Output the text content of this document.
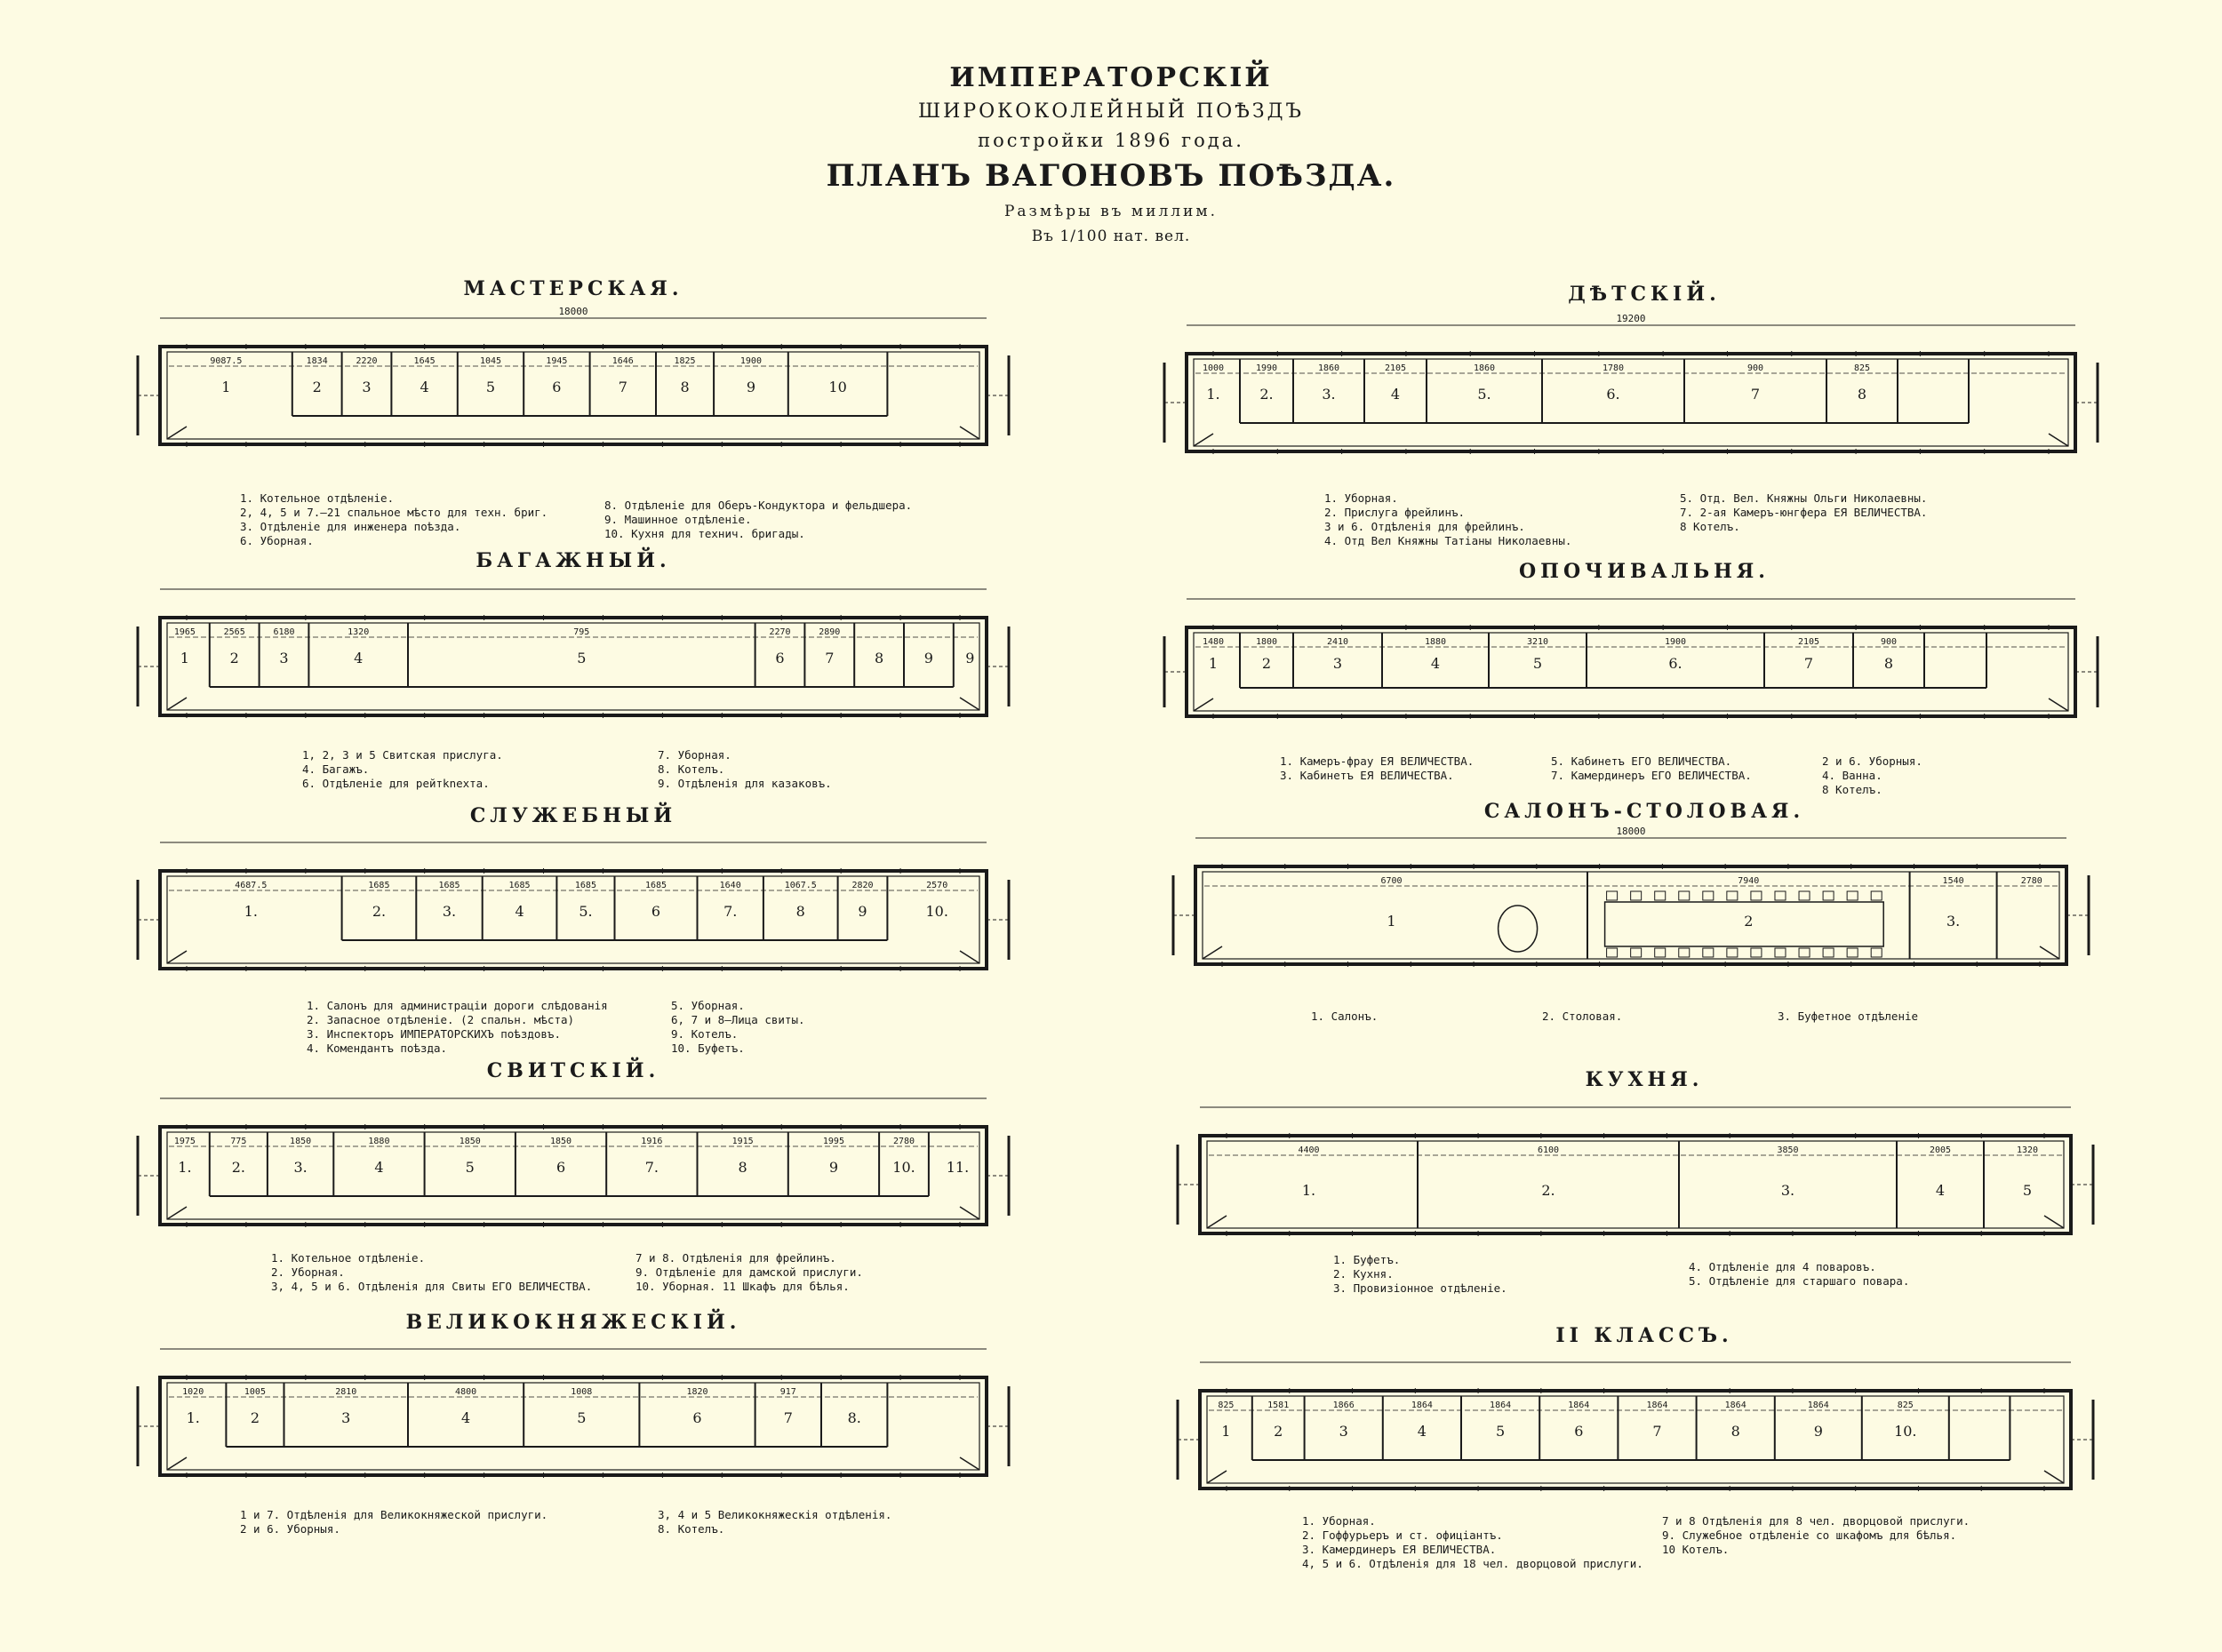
ИМПЕРАТОРСКІЙ
ШИРОКОКОЛЕЙНЫЙ ПОѢЗДЪ
постройки 1896 года.
ПЛАНЪ ВАГОНОВЪ ПОѢЗДА.
Размѣры въ миллим.
Въ 1/100 нат. вел.
МАСТЕРСКАЯ.
БАГАЖНЫЙ.
СЛУЖЕБНЫЙ
СВИТСКІЙ.
ВЕЛИКОКНЯЖЕСКІЙ.
ДѢТСКІЙ.
ОПОЧИВАЛЬНЯ.
САЛОНЪ-СТОЛОВАЯ.
КУХНЯ.
II КЛАССЪ.
18000
9087.5	1834	2220	1645	1045	1945	1646	1825	1900
1	2	3	4	5	6	7	8	9	10
1965	2565	6180	1320	795	2270	2890
1	2	3	4	5	6	7	8	9 9
4687.5	1685	1685	1685	1685	1685	1640	1067.5	2820	2570
1.	2.	3.	4	5.	6	7.	8	9	10.
1975	775	1850	1880	1850	1850	1916	1915	1995	2780
1.	2.	3.	4	5	6	7.	8	9	10. 11.
1020	1005	2810	4800	1008	1820	917
1.	2	3	4	5	6	7	8.
19200
1000	1990	1860	2105	1860	1780	900	825
1.	2.	3.	4	5.	6.	7	8
1480	1800	2410	1880	3210	1900	2105	900
1	2	3	4	5	6.	7	8
18000
6700	7940	1540	2780
1	2	3.
4400	6100	3850	2005	1320
1.	2.	3.	4	5
825	1581	1866	1864	1864	1864	1864	1864	1864	825
1	2	3	4	5	6	7	8	9	10.
1. Котельное отдѣленіе.
2, 4, 5 и 7.—21 спальное мѣсто для техн. бриг.
3. Отдѣленіе для инженера поѣзда.
6. Уборная.
8. Отдѣленіе для Оберъ-Кондуктора и фельдшера.
9. Машинное отдѣленіе.
10. Кухня для технич. бригады.
1, 2, 3 и 5 Свитская прислуга.
4. Багажъ.
6. Отдѣленіе для рейтknехта.
7. Уборная.
8. Котелъ.
9. Отдѣленія для казаковъ.
1. Салонъ для администраціи дороги слѣдованія
2. Запасное отдѣленіе. (2 спальн. мѣста)
3. Инспекторъ ИМПЕРАТОРСКИХЪ поѣздовъ.
4. Комендантъ поѣзда.
5. Уборная.
6, 7 и 8—Лица свиты.
9. Котелъ.
10. Буфетъ.
1. Котельное отдѣленіе.
2. Уборная.
3, 4, 5 и 6. Отдѣленія для Свиты ЕГО ВЕЛИЧЕСТВА.
7 и 8. Отдѣленія для фрейлинъ.
9. Отдѣленіе для дамской прислуги.
10. Уборная. 11 Шкафъ для бѣлья.
1 и 7. Отдѣленія для Великокняжеской прислуги.
2 и 6. Уборныя.
3, 4 и 5 Великокняжескія отдѣленія.
8. Котелъ.
1. Уборная.
2. Прислуга фрейлинъ.
3 и 6. Отдѣленія для фрейлинъ.
4. Отд Вел Княжны Татіаны Николаевны.
5. Отд. Вел. Княжны Ольги Николаевны.
7. 2-ая Камеръ-юнгфера ЕЯ ВЕЛИЧЕСТВА.
8 Котелъ.
1. Камеръ-фрау ЕЯ ВЕЛИЧЕСТВА.
3. Кабинетъ ЕЯ ВЕЛИЧЕСТВА.
5. Кабинетъ ЕГО ВЕЛИЧЕСТВА.
7. Камердинеръ ЕГО ВЕЛИЧЕСТВА.
2 и 6. Уборныя.
4. Ванна.
8 Котелъ.
1. Салонъ.	2. Столовая.	3. Буфетное отдѣленіе
1. Буфетъ.
2. Кухня.
3. Провизіонное отдѣленіе.
4. Отдѣленіе для 4 поваровъ.
5. Отдѣленіе для старшаго повара.
1. Уборная.
2. Гоффурьеръ и ст. офиціантъ.
3. Камердинеръ ЕЯ ВЕЛИЧЕСТВА.
4, 5 и 6. Отдѣленія для 18 чел. дворцовой прислуги.
7 и 8 Отдѣленія для 8 чел. дворцовой прислуги.
9. Служебное отдѣленіе со шкафомъ для бѣлья.
10 Котелъ.
